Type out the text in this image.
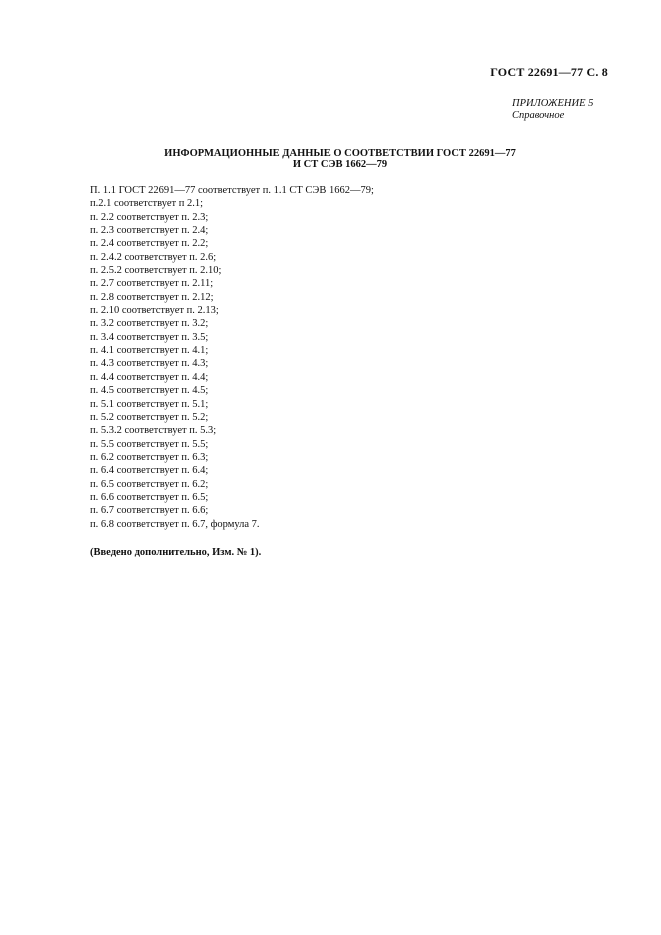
ГОСТ 22691—77 С. 8
ПРИЛОЖЕНИЕ 5
Справочное
ИНФОРМАЦИОННЫЕ ДАННЫЕ О СООТВЕТСТВИИ ГОСТ 22691—77
И СТ СЭВ 1662—79
П. 1.1 ГОСТ 22691—77 соответствует п. 1.1 СТ СЭВ 1662—79;
п.2.1 соответствует п 2.1;
п. 2.2 соответствует п. 2.3;
п. 2.3 соответствует п. 2.4;
п. 2.4 соответствует п. 2.2;
п. 2.4.2 соответствует п. 2.6;
п. 2.5.2 соответствует п. 2.10;
п. 2.7 соответствует п. 2.11;
п. 2.8 соответствует п. 2.12;
п. 2.10 соответствует п. 2.13;
п. 3.2 соответствует п. 3.2;
п. 3.4 соответствует п. 3.5;
п. 4.1 соответствует п. 4.1;
п. 4.3 соответствует п. 4.3;
п. 4.4 соответствует п. 4.4;
п. 4.5 соответствует п. 4.5;
п. 5.1 соответствует п. 5.1;
п. 5.2 соответствует п. 5.2;
п. 5.3.2 соответствует п. 5.3;
п. 5.5 соответствует п. 5.5;
п. 6.2 соответствует п. 6.3;
п. 6.4 соответствует п. 6.4;
п. 6.5 соответствует п. 6.2;
п. 6.6 соответствует п. 6.5;
п. 6.7 соответствует п. 6.6;
п. 6.8 соответствует п. 6.7, формула 7.
(Введено дополнительно, Изм. № 1).
